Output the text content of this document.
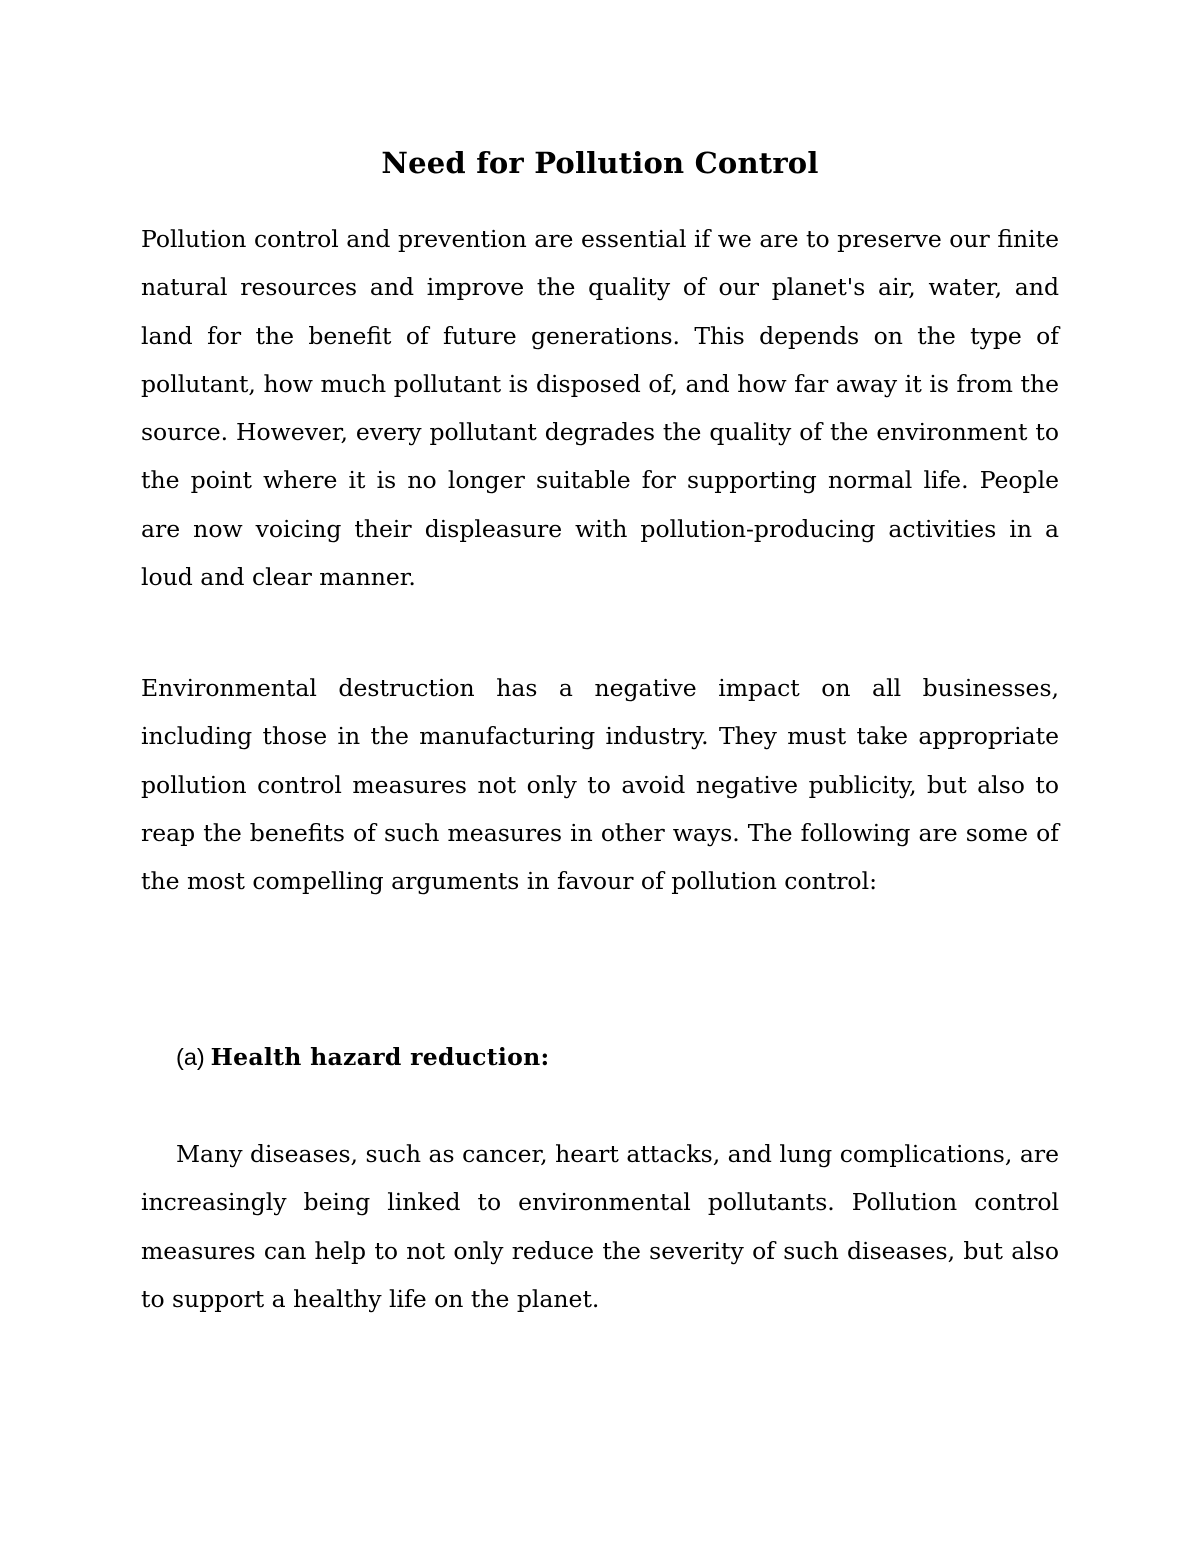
Need for Pollution Control

Pollution control and prevention are essential if we are to preserve our finite natural resources and improve the quality of our planet's air, water, and land for the benefit of future generations. This depends on the type of pollutant, how much pollutant is disposed of, and how far away it is from the source. However, every pollutant degrades the quality of the environment to the point where it is no longer suitable for supporting normal life. People are now voicing their displeasure with pollution-producing activities in a loud and clear manner.

Environmental destruction has a negative impact on all businesses, including those in the manufacturing industry. They must take appropriate pollution control measures not only to avoid negative publicity, but also to reap the benefits of such measures in other ways. The following are some of the most compelling arguments in favour of pollution control:

(a) Health hazard reduction:

Many diseases, such as cancer, heart attacks, and lung complications, are increasingly being linked to environmental pollutants. Pollution control measures can help to not only reduce the severity of such diseases, but also to support a healthy life on the planet.
